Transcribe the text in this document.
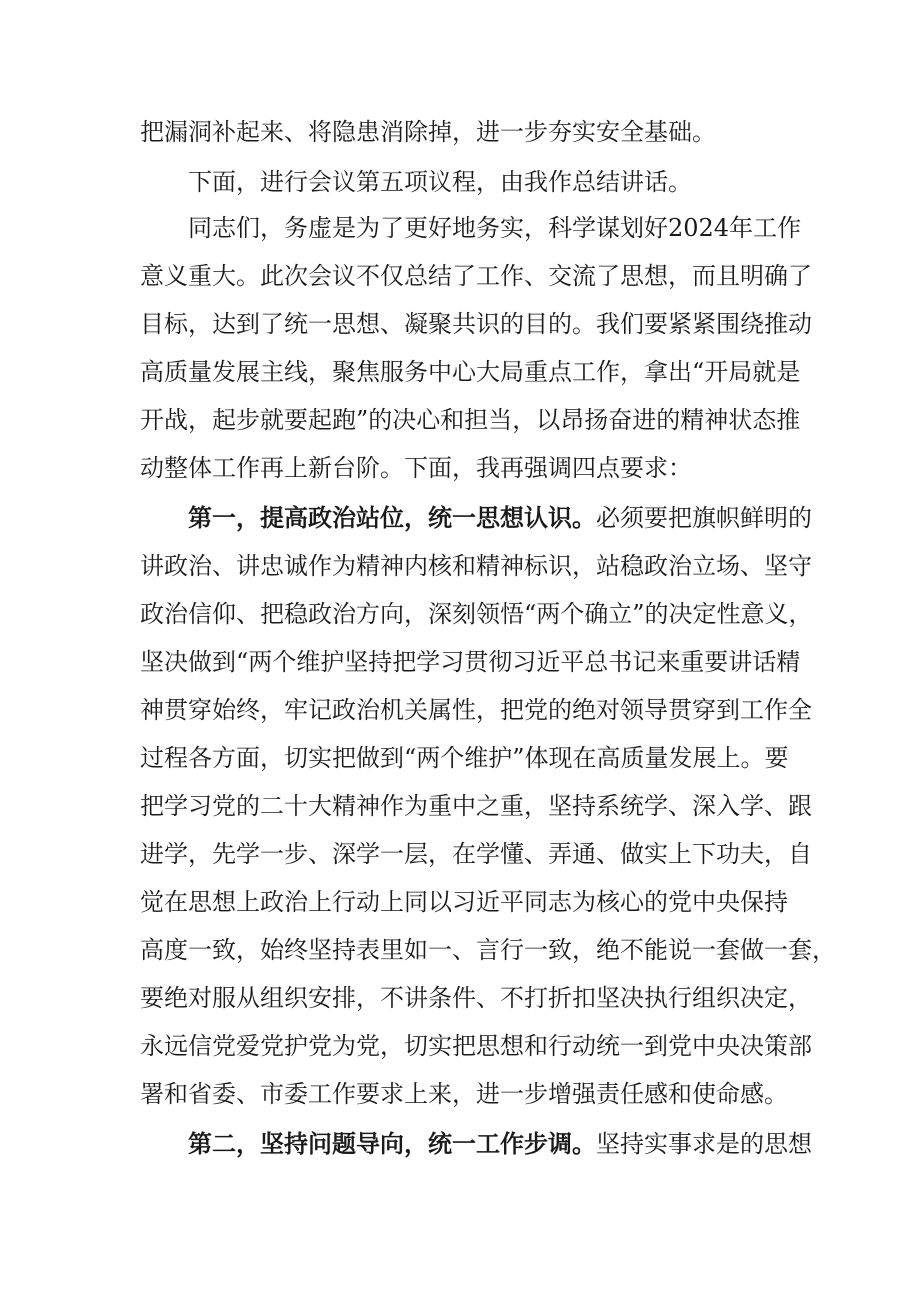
把漏洞补起来、将隐患消除掉，进一步夯实安全基础。
下面，进行会议第五项议程，由我作总结讲话。
同志们，务虚是为了更好地务实，科学谋划好2024年工作
意义重大。此次会议不仅总结了工作、交流了思想，而且明确了
目标，达到了统一思想、凝聚共识的目的。我们要紧紧围绕推动
高质量发展主线，聚焦服务中心大局重点工作，拿出“开局就是
开战，起步就要起跑”的决心和担当，以昂扬奋进的精神状态推
动整体工作再上新台阶。下面，我再强调四点要求：
第一，提高政治站位，统一思想认识。必须要把旗帜鲜明的
讲政治、讲忠诚作为精神内核和精神标识，站稳政治立场、坚守
政治信仰、把稳政治方向，深刻领悟“两个确立”的决定性意义，
坚决做到“两个维护坚持把学习贯彻习近平总书记来重要讲话精
神贯穿始终，牢记政治机关属性，把党的绝对领导贯穿到工作全
过程各方面，切实把做到“两个维护”体现在高质量发展上。要
把学习党的二十大精神作为重中之重，坚持系统学、深入学、跟
进学，先学一步、深学一层，在学懂、弄通、做实上下功夫，自
觉在思想上政治上行动上同以习近平同志为核心的党中央保持
高度一致，始终坚持表里如一、言行一致，绝不能说一套做一套，
要绝对服从组织安排，不讲条件、不打折扣坚决执行组织决定，
永远信党爱党护党为党，切实把思想和行动统一到党中央决策部
署和省委、市委工作要求上来，进一步增强责任感和使命感。
第二，坚持问题导向，统一工作步调。坚持实事求是的思想
